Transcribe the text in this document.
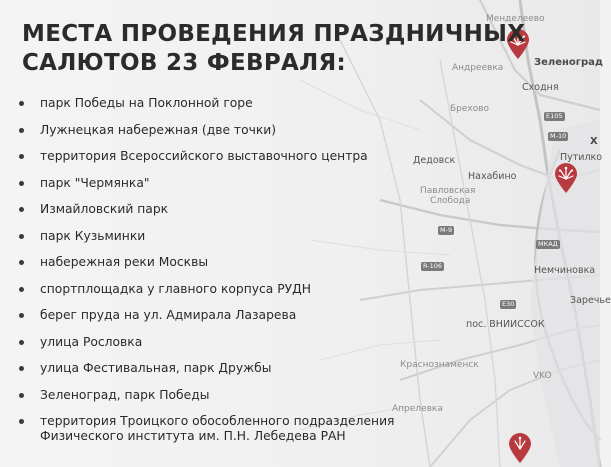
Менделеево
Зеленоград
Андреевка
Сходня
Брехово
Дедовск
Нахабино
Путилко
Х
Павловская
Слобода
Немчиновка
Заречье
пос. ВНИИССОК
Краснознаменск
Апрелевка
VKO
E105
M-10
M-9
R-106
МКАД
E30
МЕСТА ПРОВЕДЕНИЯ ПРАЗДНИЧНЫХ
САЛЮТОВ 23 ФЕВРАЛЯ:
парк Победы на Поклонной горе
Лужнецкая набережная (две точки)
территория Всероссийского выставочного центра
парк "Чермянка"
Измайловский парк
парк Кузьминки
набережная реки Москвы
спортплощадка у главного корпуса РУДН
берег пруда на ул. Адмирала Лазарева
улица Рословка
улица Фестивальная, парк Дружбы
Зеленоград, парк Победы
территория Троицкого обособленного подразделения
Физического института им. П.Н. Лебедева РАН
